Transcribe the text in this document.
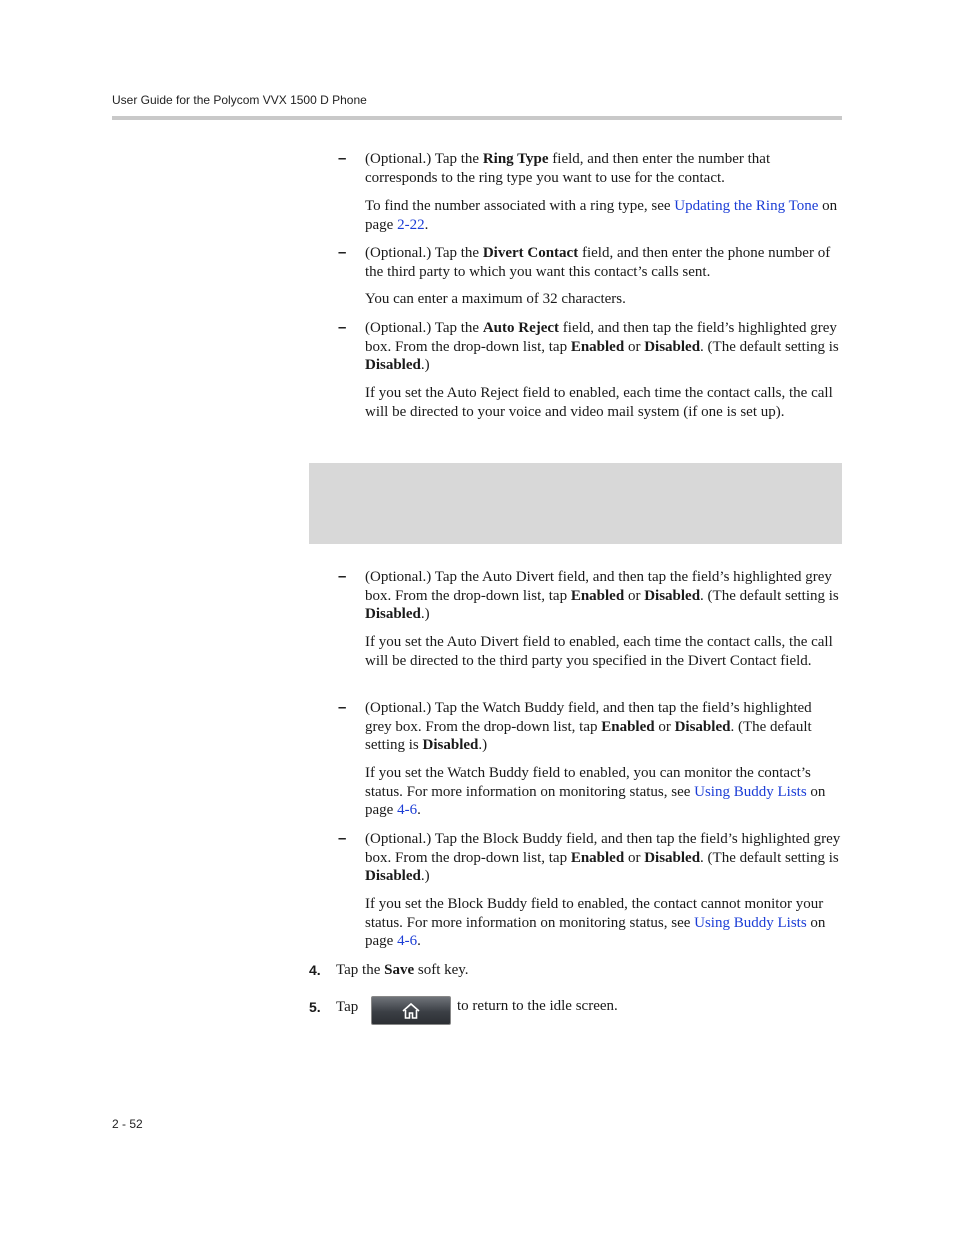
User Guide for the Polycom VVX 1500 D Phone
– (Optional.) Tap the Ring Type field, and then enter the number that corresponds to the ring type you want to use for the contact.
To find the number associated with a ring type, see Updating the Ring Tone on page 2-22.
– (Optional.) Tap the Divert Contact field, and then enter the phone number of the third party to which you want this contact’s calls sent.
You can enter a maximum of 32 characters.
– (Optional.) Tap the Auto Reject field, and then tap the field’s highlighted grey box. From the drop-down list, tap Enabled or Disabled. (The default setting is Disabled.)
If you set the Auto Reject field to enabled, each time the contact calls, the call will be directed to your voice and video mail system (if one is set up).
– (Optional.) Tap the Auto Divert field, and then tap the field’s highlighted grey box. From the drop-down list, tap Enabled or Disabled. (The default setting is Disabled.)
If you set the Auto Divert field to enabled, each time the contact calls, the call will be directed to the third party you specified in the Divert Contact field.
– (Optional.) Tap the Watch Buddy field, and then tap the field’s highlighted grey box. From the drop-down list, tap Enabled or Disabled. (The default setting is Disabled.)
If you set the Watch Buddy field to enabled, you can monitor the contact’s status. For more information on monitoring status, see Using Buddy Lists on page 4-6.
– (Optional.) Tap the Block Buddy field, and then tap the field’s highlighted grey box. From the drop-down list, tap Enabled or Disabled. (The default setting is Disabled.)
If you set the Block Buddy field to enabled, the contact cannot monitor your status. For more information on monitoring status, see Using Buddy Lists on page 4-6.
4. Tap the Save soft key.
5. Tap	to return to the idle screen.
2 - 52
